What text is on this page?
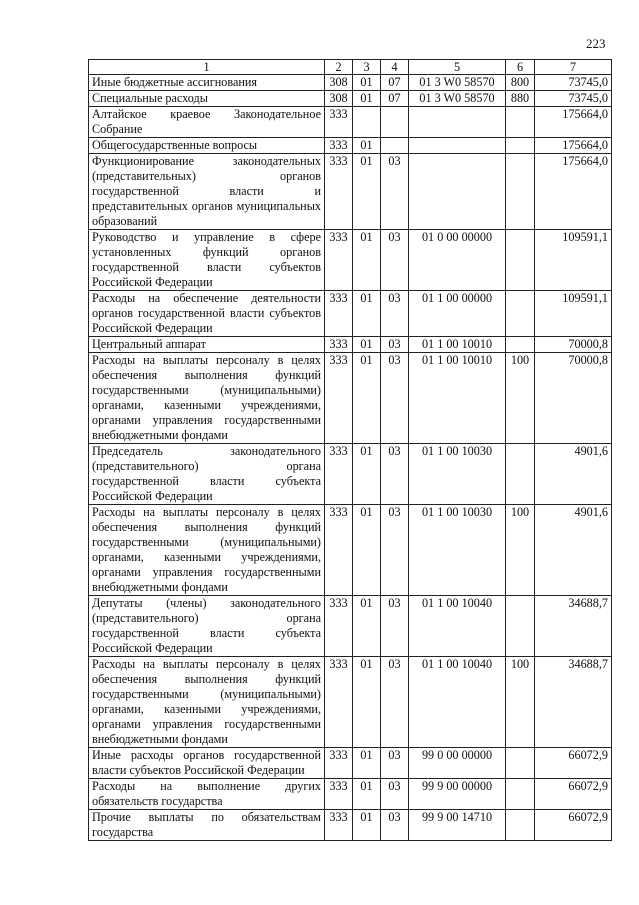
223
1	2	3	4	5	6	7
Иные бюджетные ассигнования	308	01	07	01 3 W0 58570	800	73745,0
Специальные расходы	308	01	07	01 3 W0 58570	880	73745,0
Алтайское краевое Законодательное Собрание	333					175664,0
Общегосударственные вопросы	333	01				175664,0
Функционирование законодательных (представительных) органов государственной власти и представительных органов муниципальных образований	333	01	03			175664,0
Руководство и управление в сфере установленных функций органов государственной власти субъектов Российской Федерации	333	01	03	01 0 00 00000		109591,1
Расходы на обеспечение деятельности органов государственной власти субъектов Российской Федерации	333	01	03	01 1 00 00000		109591,1
Центральный аппарат	333	01	03	01 1 00 10010		70000,8
Расходы на выплаты персоналу в целях обеспечения выполнения функций государственными (муниципальными) органами, казенными учреждениями, органами управления государственными внебюджетными фондами	333	01	03	01 1 00 10010	100	70000,8
Председатель законодательного (представительного) органа государственной власти субъекта Российской Федерации	333	01	03	01 1 00 10030		4901,6
Расходы на выплаты персоналу в целях обеспечения выполнения функций государственными (муниципальными) органами, казенными учреждениями, органами управления государственными внебюджетными фондами	333	01	03	01 1 00 10030	100	4901,6
Депутаты (члены) законодательного (представительного) органа государственной власти субъекта Российской Федерации	333	01	03	01 1 00 10040		34688,7
Расходы на выплаты персоналу в целях обеспечения выполнения функций государственными (муниципальными) органами, казенными учреждениями, органами управления государственными внебюджетными фондами	333	01	03	01 1 00 10040	100	34688,7
Иные расходы органов государственной власти субъектов Российской Федерации	333	01	03	99 0 00 00000		66072,9
Расходы на выполнение других обязательств государства	333	01	03	99 9 00 00000		66072,9
Прочие выплаты по обязательствам государства	333	01	03	99 9 00 14710		66072,9
